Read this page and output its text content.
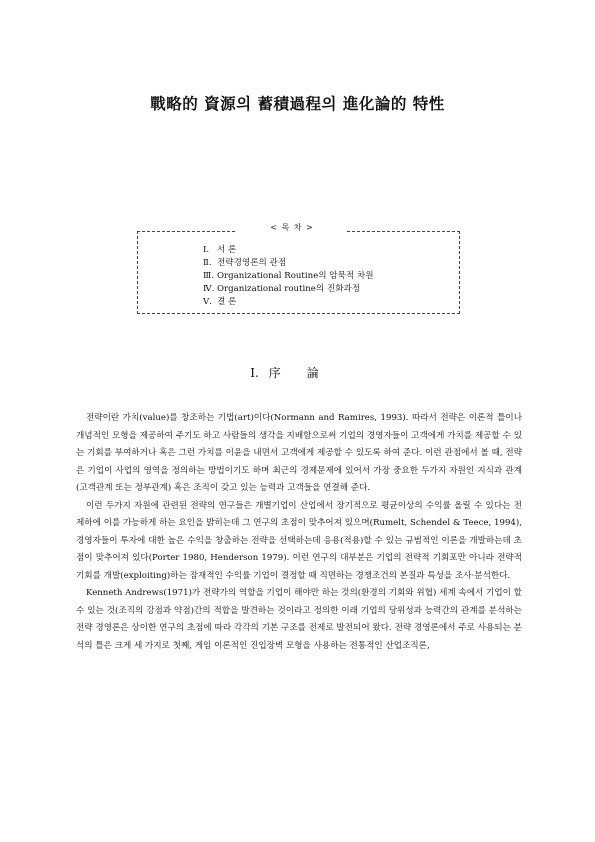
戰略的 資源의 蓄積過程의 進化論的 特性
< 목 차 >
Ⅰ. 서 론
Ⅱ. 전략경영론의 관점
Ⅲ. Organizational Routine의 암묵적 차원
Ⅳ. Organizational routine의 진화과정
Ⅴ. 결 론
Ⅰ. 序論

전략이란 가치(value)를 창조하는 기법(art)이다(Normann and Ramires, 1993). 따라서 전략은 이론적 틀이나 개념적인 모형을 제공하여 주기도 하고 사람들의 생각을 지배함으로써 기업의 경영자들이 고객에게 가치를 제공할 수 있는 기회를 부여하거나 혹은 그런 가치를 이윤을 내면서 고객에게 제공할 수 있도록 하여 준다. 이런 관점에서 볼 때, 전략은 기업이 사업의 영역을 정의하는 방법이기도 하며 최근의 경제문제에 있어서 가장 중요한 두가지 자원인 지식과 관계(고객관계 또는 정부관계) 혹은 조직이 갖고 있는 능력과 고객들을 연결해 준다.

이런 두가지 자원에 관련된 전략의 연구들은 개별기업이 산업에서 장기적으로 평균이상의 수익률 올릴 수 있다는 전제하에 이를 가능하게 하는 요인을 밝히는데 그 연구의 초점이 맞추어져 있으며(Rumelt, Schendel & Teece, 1994), 경영자들이 투자에 대한 높은 수익을 창출하는 전략을 선택하는데 응용(적용)할 수 있는 규범적인 이론을 개발하는데 초점이 맞추어져 있다(Porter 1980, Henderson 1979). 이런 연구의 대부분은 기업의 전략적 기회포만 아니라 전략적 기회를 개발(exploiting)하는 잠재적인 수익률 기업이 결정할 때 직면하는 경쟁조건의 본질과 특성을 조사·분석한다.

Kenneth Andrews(1971)가 전략가의 역할을 기업이 해야만 하는 것의(환경의 기회와 위협) 세계 속에서 기업이 할 수 있는 것(조직의 강점과 약점)간의 적합을 발견하는 것이라고 정의한 이래 기업의 당위성과 능력간의 관계를 분석하는 전략 경영론은 상이한 연구의 초점에 따라 각각의 기본 구조를 전제로 발전되어 왔다. 전략 경영론에서 주로 사용되는 분석의 틀은 크게 세 가지로 첫째, 게임 이론적인 진입장벽 모형을 사용하는 전통적인 산업조직론,
